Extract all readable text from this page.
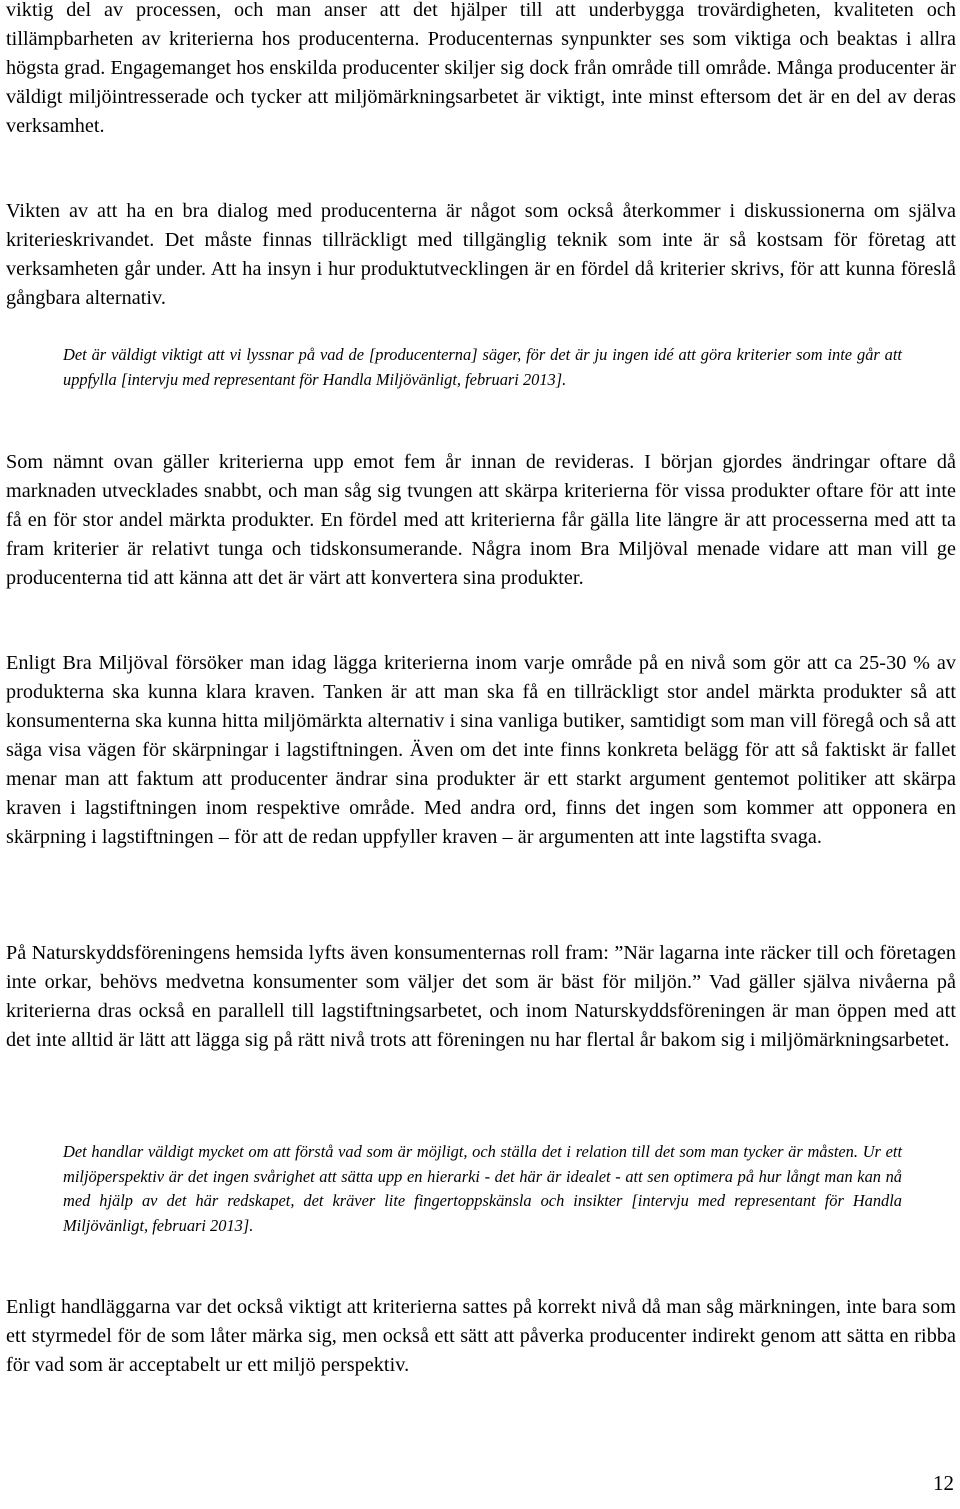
viktig del av processen, och man anser att det hjälper till att underbygga trovärdigheten, kvaliteten och tillämpbarheten av kriterierna hos producenterna. Producenternas synpunkter ses som viktiga och beaktas i allra högsta grad. Engagemanget hos enskilda producenter skiljer sig dock från område till område. Många producenter är väldigt miljöintresserade och tycker att miljömärkningsarbetet är viktigt, inte minst eftersom det är en del av deras verksamhet.

Vikten av att ha en bra dialog med producenterna är något som också återkommer i diskussionerna om själva kriterieskrivandet. Det måste finnas tillräckligt med tillgänglig teknik som inte är så kostsam för företag att verksamheten går under. Att ha insyn i hur produktutvecklingen är en fördel då kriterier skrivs, för att kunna föreslå gångbara alternativ.

Det är väldigt viktigt att vi lyssnar på vad de [producenterna] säger, för det är ju ingen idé att göra kriterier som inte går att uppfylla [intervju med representant för Handla Miljövänligt, februari 2013].

Som nämnt ovan gäller kriterierna upp emot fem år innan de revideras. I början gjordes ändringar oftare då marknaden utvecklades snabbt, och man såg sig tvungen att skärpa kriterierna för vissa produkter oftare för att inte få en för stor andel märkta produkter. En fördel med att kriterierna får gälla lite längre är att processerna med att ta fram kriterier är relativt tunga och tidskonsumerande. Några inom Bra Miljöval menade vidare att man vill ge producenterna tid att känna att det är värt att konvertera sina produkter.

Enligt Bra Miljöval försöker man idag lägga kriterierna inom varje område på en nivå som gör att ca 25-30 % av produkterna ska kunna klara kraven. Tanken är att man ska få en tillräckligt stor andel märkta produkter så att konsumenterna ska kunna hitta miljömärkta alternativ i sina vanliga butiker, samtidigt som man vill föregå och så att säga visa vägen för skärpningar i lagstiftningen. Även om det inte finns konkreta belägg för att så faktiskt är fallet menar man att faktum att producenter ändrar sina produkter är ett starkt argument gentemot politiker att skärpa kraven i lagstiftningen inom respektive område. Med andra ord, finns det ingen som kommer att opponera en skärpning i lagstiftningen – för att de redan uppfyller kraven – är argumenten att inte lagstifta svaga.

På Naturskyddsföreningens hemsida lyfts även konsumenternas roll fram: ”När lagarna inte räcker till och företagen inte orkar, behövs medvetna konsumenter som väljer det som är bäst för miljön.” Vad gäller själva nivåerna på kriterierna dras också en parallell till lagstiftningsarbetet, och inom Naturskyddsföreningen är man öppen med att det inte alltid är lätt att lägga sig på rätt nivå trots att föreningen nu har flertal år bakom sig i miljömärkningsarbetet.

Det handlar väldigt mycket om att förstå vad som är möjligt, och ställa det i relation till det som man tycker är måsten. Ur ett miljöperspektiv är det ingen svårighet att sätta upp en hierarki - det här är idealet - att sen optimera på hur långt man kan nå med hjälp av det här redskapet, det kräver lite fingertoppskänsla och insikter [intervju med representant för Handla Miljövänligt, februari 2013].

Enligt handläggarna var det också viktigt att kriterierna sattes på korrekt nivå då man såg märkningen, inte bara som ett styrmedel för de som låter märka sig, men också ett sätt att påverka producenter indirekt genom att sätta en ribba för vad som är acceptabelt ur ett miljö perspektiv.

12
